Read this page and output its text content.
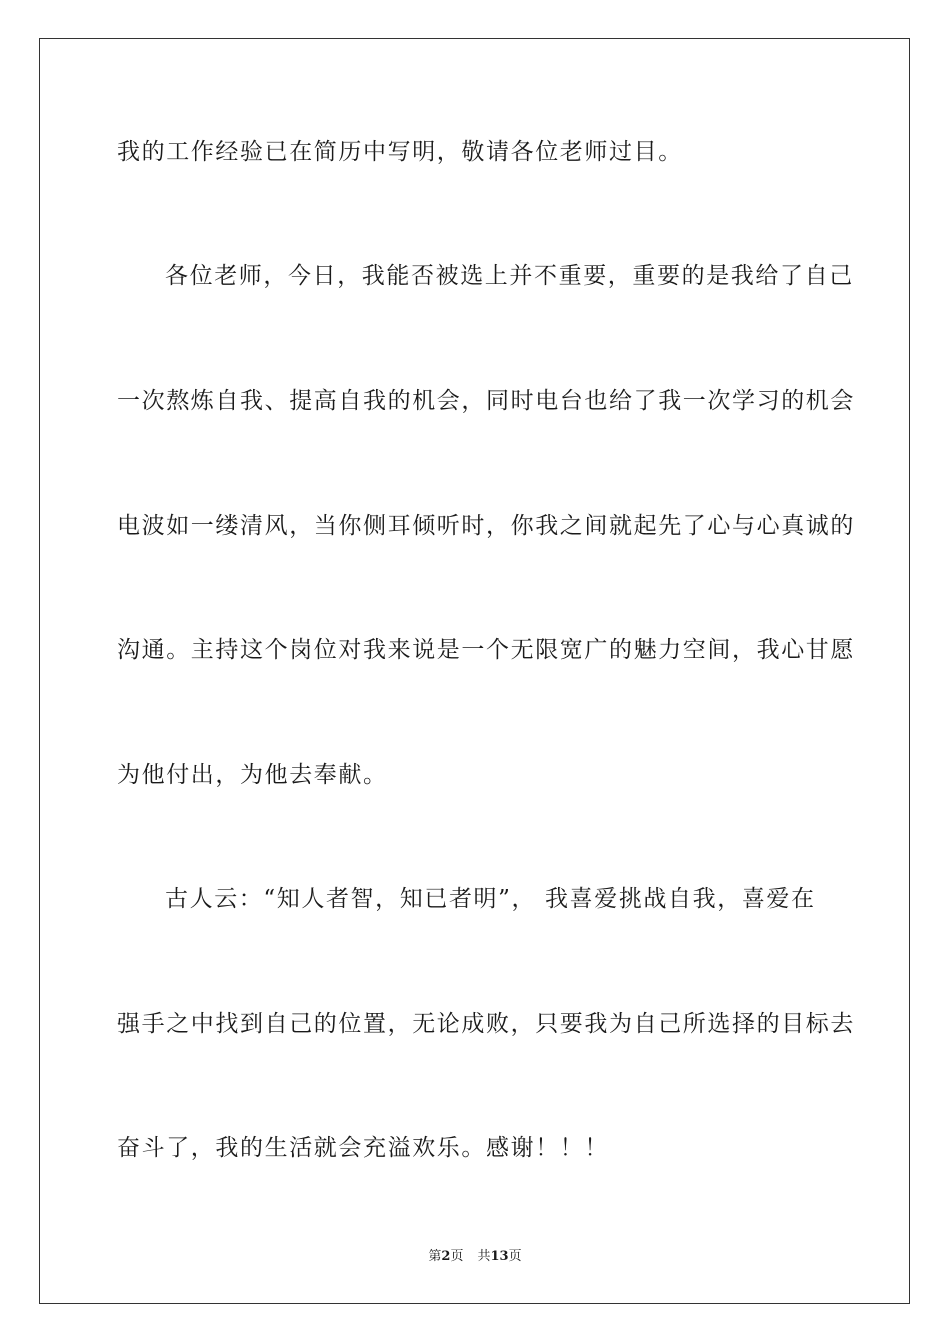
我的工作经验已在简历中写明，敬请各位老师过目。
各位老师，今日，我能否被选上并不重要，重要的是我给了自己
一次熬炼自我、提高自我的机会，同时电台也给了我一次学习的机会
电波如一缕清风，当你侧耳倾听时，你我之间就起先了心与心真诚的
沟通。主持这个岗位对我来说是一个无限宽广的魅力空间，我心甘愿
为他付出，为他去奉献。
古人云：“知人者智，知已者明”， 我喜爱挑战自我，喜爱在
强手之中找到自己的位置，无论成败，只要我为自己所选择的目标去
奋斗了，我的生活就会充溢欢乐。感谢！！！
第2页 共13页
